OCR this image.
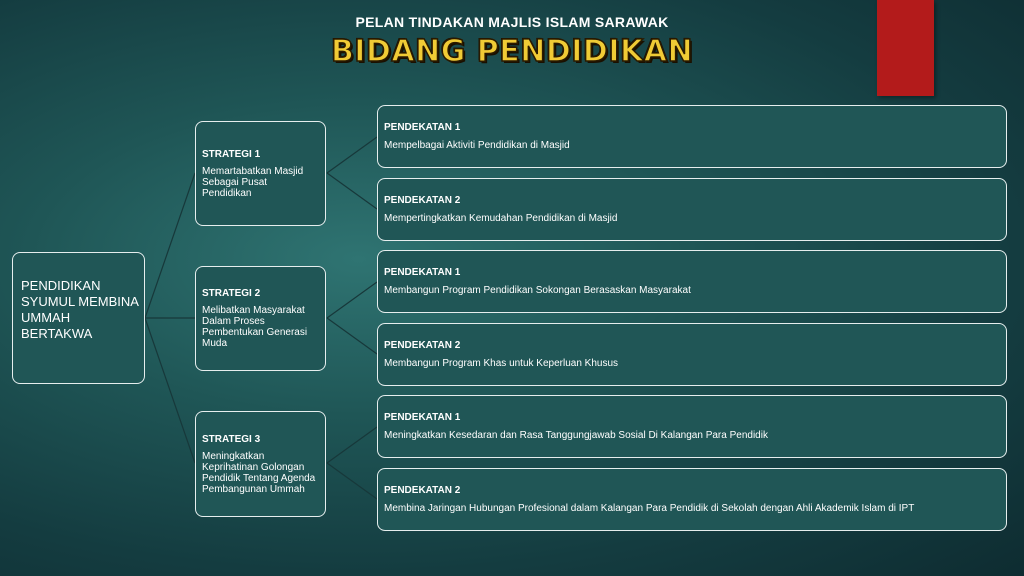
PELAN TINDAKAN MAJLIS ISLAM SARAWAK
BIDANG PENDIDIKAN
PENDIDIKAN SYUMUL MEMBINA UMMAH BERTAKWA
STRATEGI 1
Memartabatkan Masjid Sebagai Pusat Pendidikan
STRATEGI 2
Melibatkan Masyarakat Dalam Proses Pembentukan Generasi Muda
STRATEGI 3
Meningkatkan Keprihatinan Golongan Pendidik Tentang Agenda Pembangunan Ummah
PENDEKATAN 1
Mempelbagai Aktiviti Pendidikan di Masjid
PENDEKATAN 2
Mempertingkatkan Kemudahan Pendidikan di Masjid
PENDEKATAN 1
Membangun Program Pendidikan Sokongan Berasaskan Masyarakat
PENDEKATAN 2
Membangun Program Khas untuk Keperluan Khusus
PENDEKATAN 1
Meningkatkan Kesedaran dan Rasa Tanggungjawab Sosial Di Kalangan Para Pendidik
PENDEKATAN 2
Membina Jaringan Hubungan Profesional dalam Kalangan Para Pendidik di Sekolah dengan Ahli Akademik Islam di IPT
